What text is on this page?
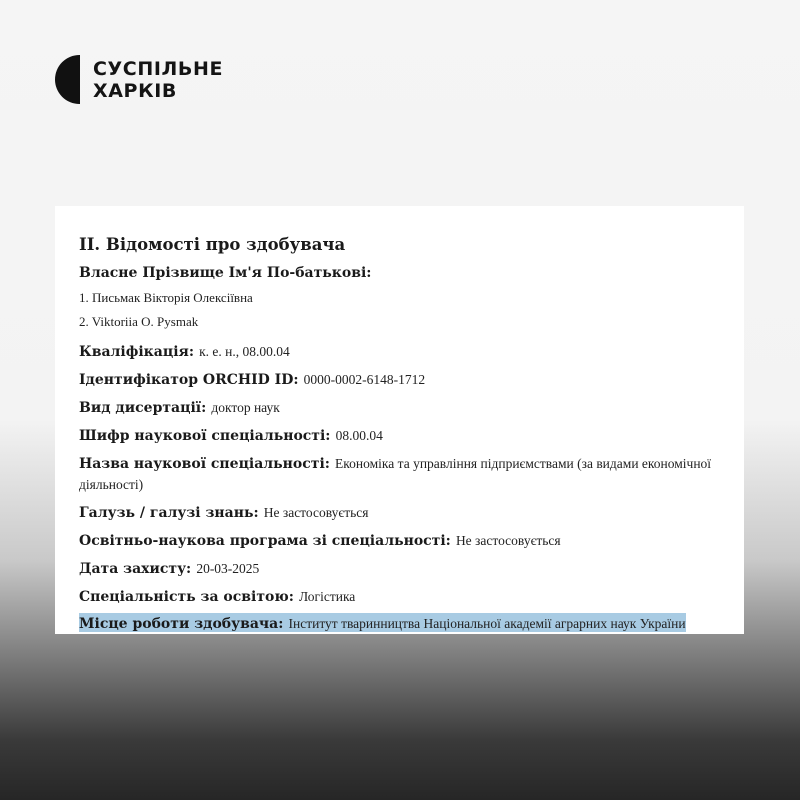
СУСПІЛЬНЕ
ХАРКІВ
II. Відомості про здобувача
Власне Прізвище Ім'я По-батькові:
1. Письмак Вікторія Олексіївна
2. Viktoriia O. Pysmak
Кваліфікація: к. е. н., 08.00.04
Ідентифікатор ORCHID ID: 0000-0002-6148-1712
Вид дисертації: доктор наук
Шифр наукової спеціальності: 08.00.04
Назва наукової спеціальності: Економіка та управління підприємствами (за видами економічної діяльності)
Галузь / галузі знань: Не застосовується
Освітньо-наукова програма зі спеціальності: Не застосовується
Дата захисту: 20-03-2025
Спеціальність за освітою: Логістика
Місце роботи здобувача: Інститут тваринництва Національної академії аграрних наук України
